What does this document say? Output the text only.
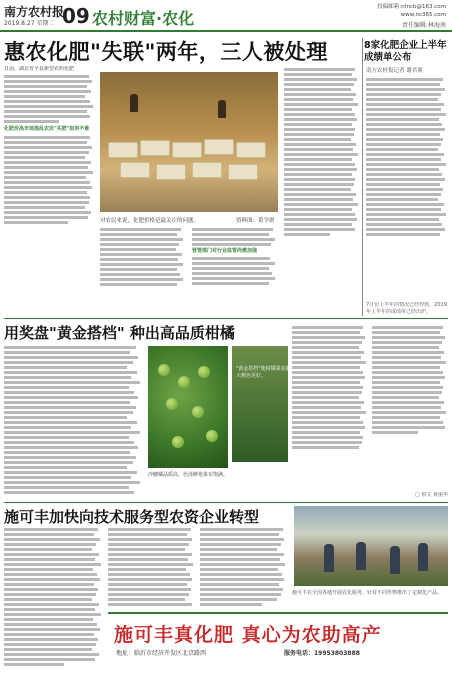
南方农村报
2019.8.27 星期二 09 农村财富·农化
投稿邮箱:nfncb@163.com
www.nc365.com
责任编辑:林海南
惠农化肥"失联"两年，三人被处理
日前，湖北省全县新型农药化肥
化肥价高市场混乱农民"买肥"如何不难
对农民来说，化肥价格是最关注的问题。	资料图：黄学群
营管部门对行业监管尚需加强
8家化肥企业上半年成绩单公布
南方农村报记者 谢君爽
7月份上半年的情况已经得到，2019年上半年的成绩单已经出炉。
用奖盘"黄金搭档" 种出高品质柑橘
"黄金搭档"使柑橘果实膨大颜色更好。
沙糖橘品质高，色泽鲜艳果实饱满。
□ 蔡文 黄丽华
施可丰加快向技术服务型农资企业转型
施可丰在全国各地开展农化服务，针对不同作物推出了定制化产品。
施可丰真化肥 真心为农助高产
地址：临沂市经济开发区北京路西	服务电话：19953803888
